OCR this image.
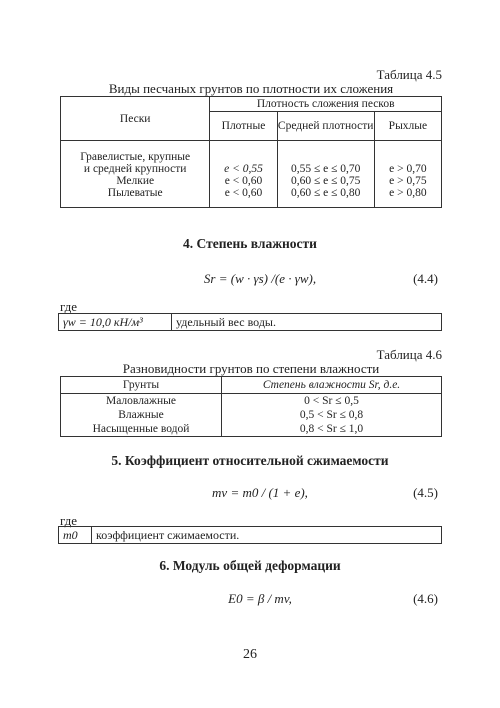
Таблица 4.5
Виды песчаных грунтов по плотности их сложения
Пески	Плотность сложения песков		
	Плотные	Средней плотности	Рыхлые

Гравелистые, крупные			
и средней крупности	e < 0,55	0,55 ≤ e ≤ 0,70	e > 0,70
Мелкие	e < 0,60	0,60 ≤ e ≤ 0,75	e > 0,75
Пылеватые	e < 0,60	0,60 ≤ e ≤ 0,80	e > 0,80

4. Степень влажности
Sr = (w · γs) /(e · γw),	(4.4)
где
γw = 10,0 кН/м³	удельный вес воды.
Таблица 4.6
Разновидности грунтов по степени влажности
Грунты	Степень влажности Sr, д.е.
Маловлажные	0 < Sr ≤ 0,5
Влажные	0,5 < Sr ≤ 0,8
Насыщенные водой	0,8 < Sr ≤ 1,0
5. Коэффициент относительной сжимаемости
mv = m0 / (1 + e),	(4.5)
где
m0	коэффициент сжимаемости.
6. Модуль общей деформации
E0 = β / mv,	(4.6)
26
